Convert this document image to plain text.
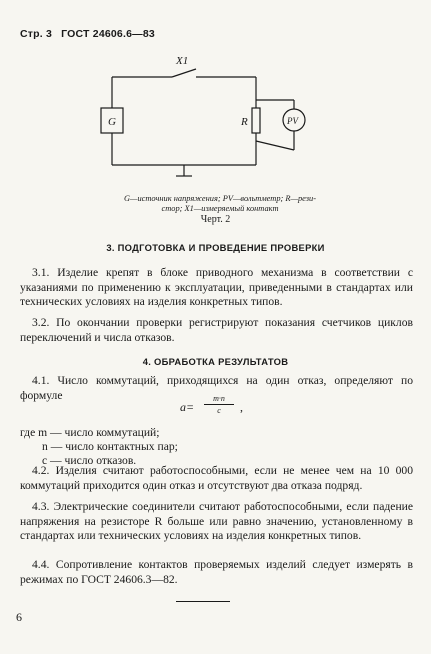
Стр. 3 ГОСТ 24606.6—83
X1
G	R	PV
G—источник напряжения; PV—вольтметр; R—рези-
стор; X1—измеряемый контакт
Черт. 2
3. ПОДГОТОВКА И ПРОВЕДЕНИЕ ПРОВЕРКИ
3.1. Изделие крепят в блоке приводного механизма в соответствии с указаниями по применению к эксплуатации, приведенными в стандартах или технических условиях на изделия конкретных типов.
3.2. По окончании проверки регистрируют показания счетчиков циклов переключений и числа отказов.
4. ОБРАБОТКА РЕЗУЛЬТАТОВ
4.1. Число коммутаций, приходящихся на один отказ, определяют по формуле
$a= \frac{m\cdot n}{c}$ ,
где m — число коммутаций;
n — число контактных пар;
c — число отказов.
4.2. Изделия считают работоспособными, если не менее чем на 10 000 коммутаций приходится один отказ и отсутствуют два отказа подряд.
4.3. Электрические соединители считают работоспособными, если падение напряжения на резисторе R больше или равно значению, установленному в стандартах или технических условиях на изделия конкретных типов.
4.4. Сопротивление контактов проверяемых изделий следует измерять в режимах по ГОСТ 24606.3—82.
6
